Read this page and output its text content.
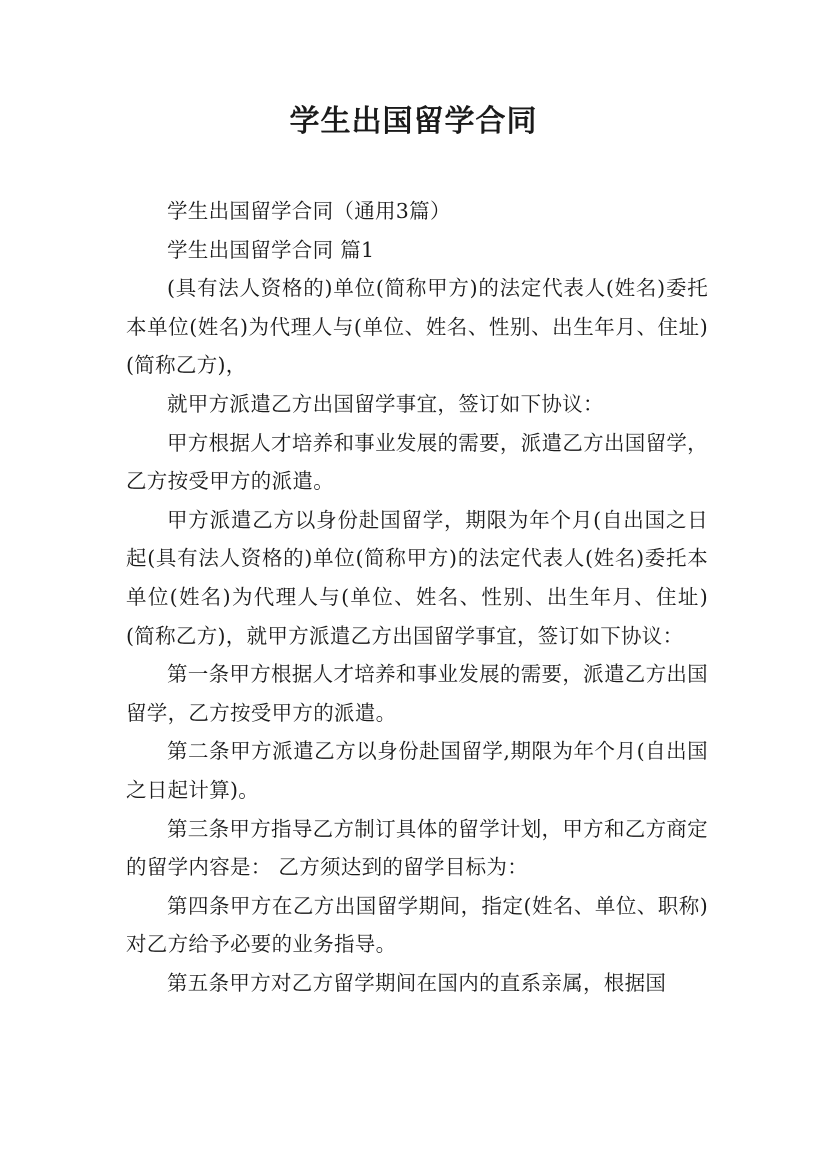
学生出国留学合同

学生出国留学合同（通用3篇）

学生出国留学合同 篇1

(具有法人资格的)单位(简称甲方)的法定代表人(姓名)委托本单位(姓名)为代理人与(单位、姓名、性别、出生年月、住址)(简称乙方)，

就甲方派遣乙方出国留学事宜，签订如下协议：

甲方根据人才培养和事业发展的需要，派遣乙方出国留学，乙方按受甲方的派遣。

甲方派遣乙方以身份赴国留学，期限为年个月(自出国之日起(具有法人资格的)单位(简称甲方)的法定代表人(姓名)委托本单位(姓名)为代理人与(单位、姓名、性别、出生年月、住址)(简称乙方)，就甲方派遣乙方出国留学事宜，签订如下协议：

第一条甲方根据人才培养和事业发展的需要，派遣乙方出国留学，乙方按受甲方的派遣。

第二条甲方派遣乙方以身份赴国留学,期限为年个月(自出国之日起计算)。

第三条甲方指导乙方制订具体的留学计划，甲方和乙方商定的留学内容是： 乙方须达到的留学目标为：

第四条甲方在乙方出国留学期间，指定(姓名、单位、职称) 对乙方给予必要的业务指导。

第五条甲方对乙方留学期间在国内的直系亲属，根据国
